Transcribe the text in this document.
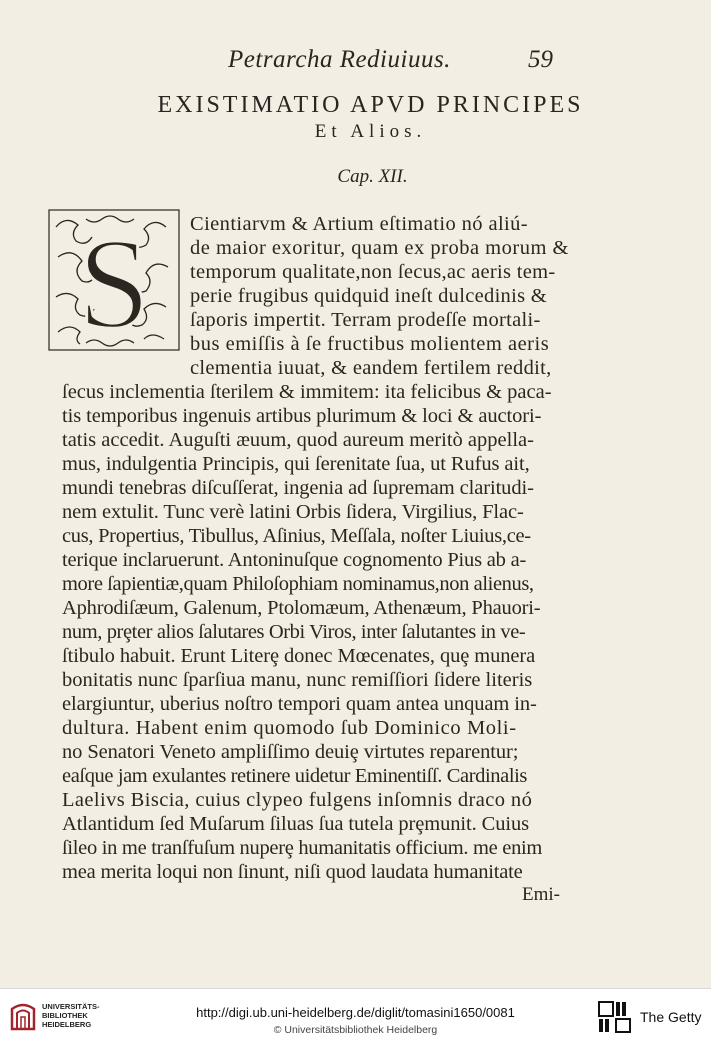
Petrarcha Rediuiuus.	59
EXISTIMATIO APVD PRINCIPES
Et Alios.
Cap. XII.
S Cientiarvm & Artium eſtimatio nó aliú-
de maior exoritur, quam ex proba morum &
temporum qualitate,non ſecus,ac aeris tem-
perie frugibus quidquid ineſt dulcedinis &
ſaporis impertit. Terram prodeſſe mortali-
bus emiſſis à ſe fructibus molientem aeris
clementia iuuat, & eandem fertilem reddit,
ſecus inclementia ſterilem & immitem: ita felicibus & paca-
tis temporibus ingenuis artibus plurimum & loci & auctori-
tatis accedit. Auguſti æuum, quod aureum meritò appella-
mus, indulgentia Principis, qui ſerenitate ſua, ut Rufus ait,
mundi tenebras diſcuſſerat, ingenia ad ſupremam claritudi-
nem extulit. Tunc verè latini Orbis ſidera, Virgilius, Flac-
cus, Propertius, Tibullus, Aſinius, Meſſala, noſter Liuius,ce-
terique inclaruerunt. Antoninuſque cognomento Pius ab a-
more ſapientiæ,quam Philoſophiam nominamus,non alienus,
Aphrodiſæum, Galenum, Ptolomæum, Athenæum, Phauori-
num, prȩter alios ſalutares Orbi Viros, inter ſalutantes in ve-
ſtibulo habuit. Erunt Literȩ donec Mœcenates, quȩ munera
bonitatis nunc ſparſiua manu, nunc remiſſiori ſidere literis
elargiuntur, uberius noſtro tempori quam antea unquam in-
dultura. Habent enim quomodo ſub Dominico Moli-
no Senatori Veneto ampliſſimo deuiȩ virtutes reparentur;
eaſque jam exulantes retinere uidetur Eminentiſſ. Cardinalis
Laelivs Biscia, cuius clypeo fulgens inſomnis draco nó
Atlantidum ſed Muſarum ſiluas ſua tutela prȩmunit. Cuius
ſileo in me tranſfuſum nuperȩ humanitatis officium. me enim
mea merita loqui non ſinunt, niſi quod laudata humanitate
Emi-
UNIVERSITÄTS-
BIBLIOTHEK
HEIDELBERG
http://digi.ub.uni-heidelberg.de/diglit/tomasini1650/0081
© Universitätsbibliothek Heidelberg
The Getty
